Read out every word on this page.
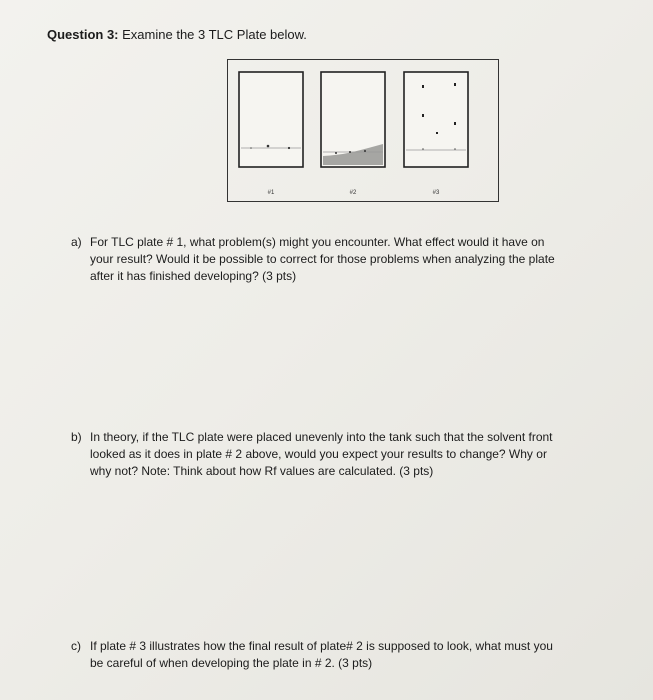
Question 3: Examine the 3 TLC Plate below.
#1	#2	#3
a) For TLC plate # 1, what problem(s) might you encounter. What effect would it have on
your result? Would it be possible to correct for those problems when analyzing the plate
after it has finished developing? (3 pts)
b) In theory, if the TLC plate were placed unevenly into the tank such that the solvent front
looked as it does in plate # 2 above, would you expect your results to change? Why or
why not? Note: Think about how Rf values are calculated. (3 pts)
c) If plate # 3 illustrates how the final result of plate# 2 is supposed to look, what must you
be careful of when developing the plate in # 2. (3 pts)
